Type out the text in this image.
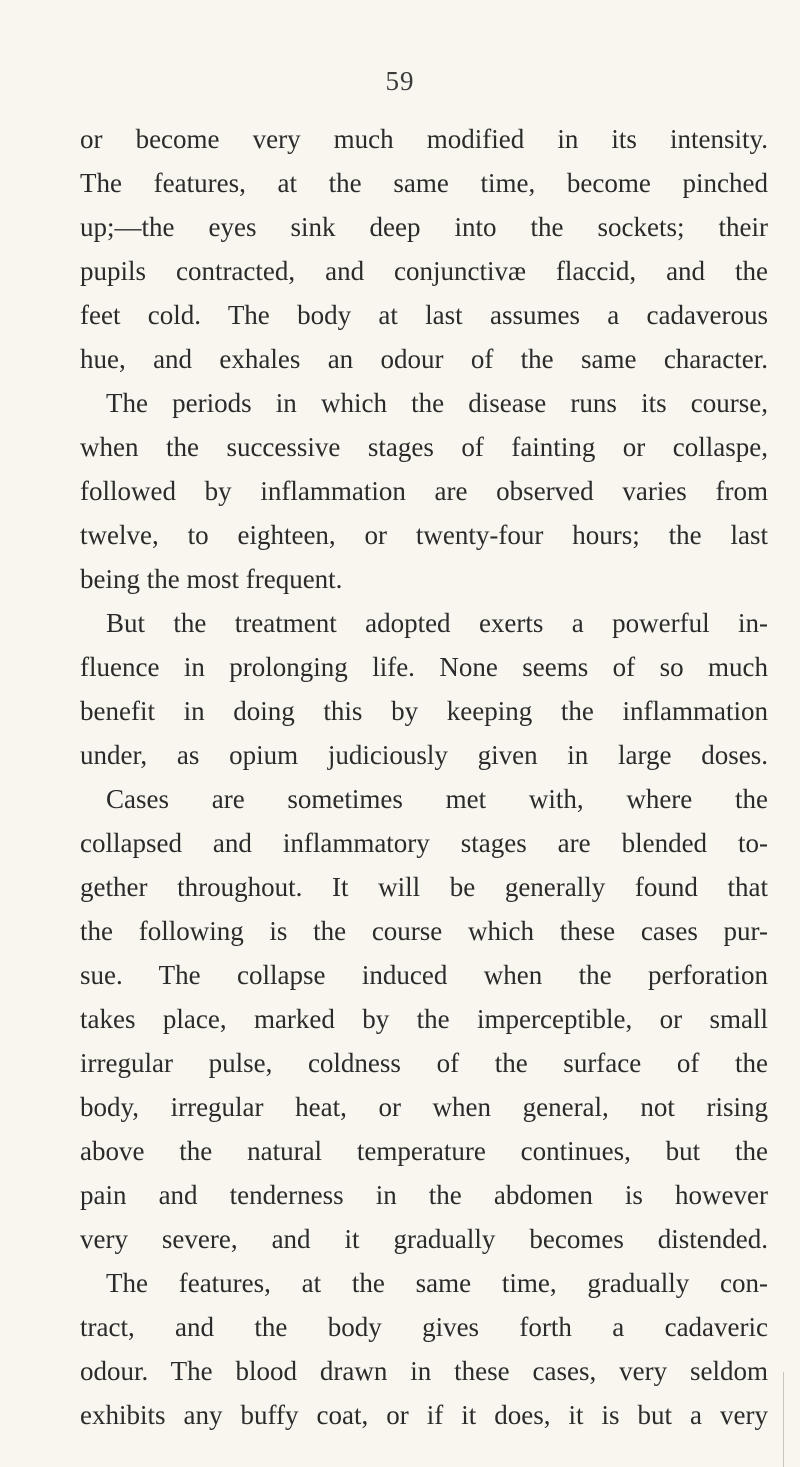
59
or become very much modified in its intensity.
The features, at the same time, become pinched
up;—the eyes sink deep into the sockets; their
pupils contracted, and conjunctivæ flaccid, and the
feet cold. The body at last assumes a cadaverous
hue, and exhales an odour of the same character.
The periods in which the disease runs its course,
when the successive stages of fainting or collaspe,
followed by inflammation are observed varies from
twelve, to eighteen, or twenty-four hours; the last
being the most frequent.
But the treatment adopted exerts a powerful in-
fluence in prolonging life. None seems of so much
benefit in doing this by keeping the inflammation
under, as opium judiciously given in large doses.
Cases are sometimes met with, where the
collapsed and inflammatory stages are blended to-
gether throughout. It will be generally found that
the following is the course which these cases pur-
sue. The collapse induced when the perforation
takes place, marked by the imperceptible, or small
irregular pulse, coldness of the surface of the
body, irregular heat, or when general, not rising
above the natural temperature continues, but the
pain and tenderness in the abdomen is however
very severe, and it gradually becomes distended.
The features, at the same time, gradually con-
tract, and the body gives forth a cadaveric
odour. The blood drawn in these cases, very seldom
exhibits any buffy coat, or if it does, it is but a very
